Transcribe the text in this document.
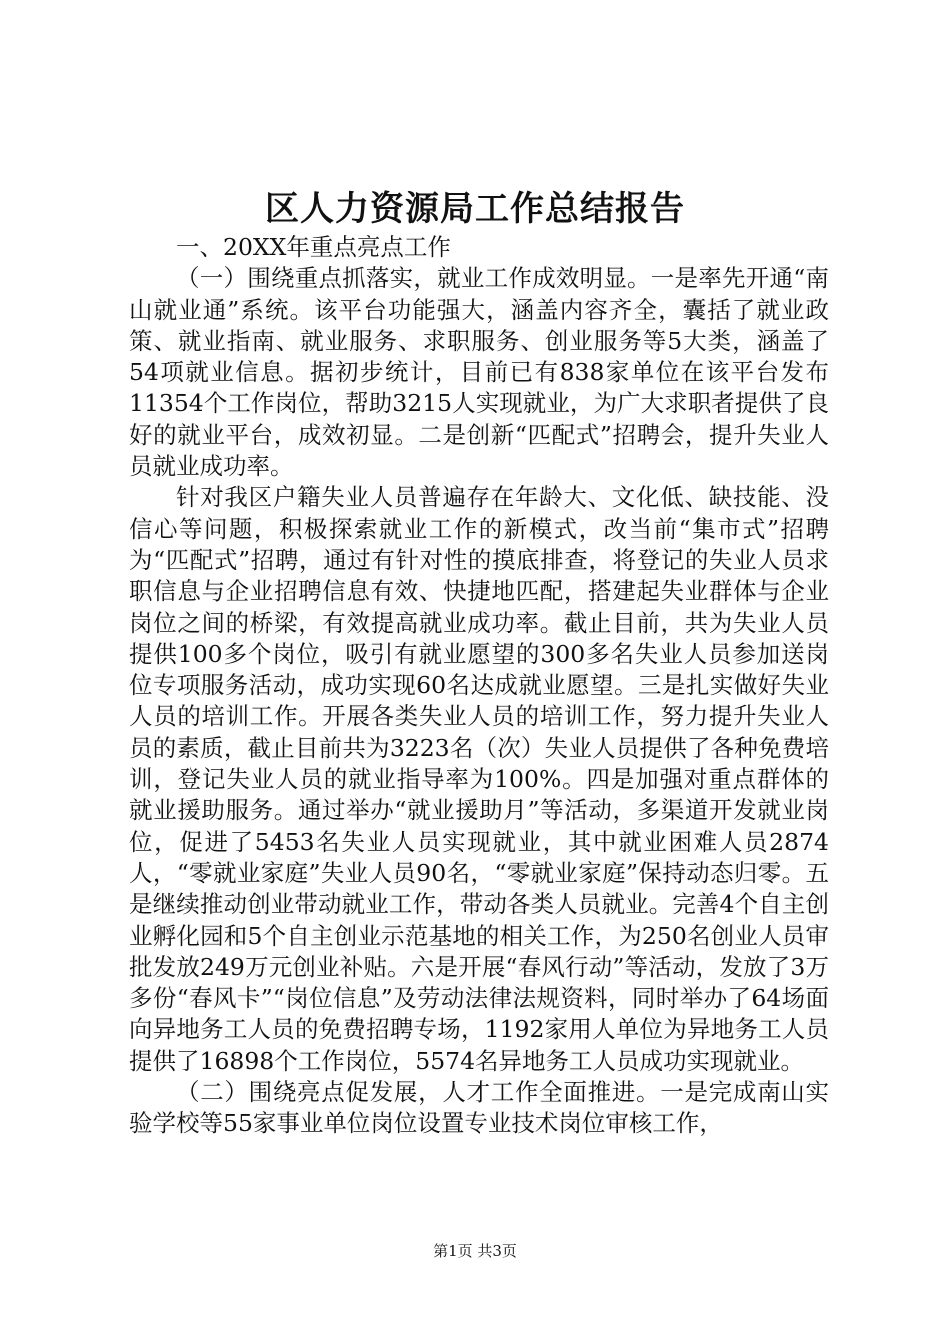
区人力资源局工作总结报告

一、20XX年重点亮点工作

（一）围绕重点抓落实，就业工作成效明显。一是率先开通“南山就业通”系统。该平台功能强大，涵盖内容齐全，囊括了就业政策、就业指南、就业服务、求职服务、创业服务等5大类，涵盖了54项就业信息。据初步统计，目前已有838家单位在该平台发布11354个工作岗位，帮助3215人实现就业，为广大求职者提供了良好的就业平台，成效初显。二是创新“匹配式”招聘会，提升失业人员就业成功率。

针对我区户籍失业人员普遍存在年龄大、文化低、缺技能、没信心等问题，积极探索就业工作的新模式，改当前“集市式”招聘为“匹配式”招聘，通过有针对性的摸底排查，将登记的失业人员求职信息与企业招聘信息有效、快捷地匹配，搭建起失业群体与企业岗位之间的桥梁，有效提高就业成功率。截止目前，共为失业人员提供100多个岗位，吸引有就业愿望的300多名失业人员参加送岗位专项服务活动，成功实现60名达成就业愿望。三是扎实做好失业人员的培训工作。开展各类失业人员的培训工作，努力提升失业人员的素质，截止目前共为3223名（次）失业人员提供了各种免费培训，登记失业人员的就业指导率为100%。四是加强对重点群体的就业援助服务。通过举办“就业援助月”等活动，多渠道开发就业岗位，促进了5453名失业人员实现就业，其中就业困难人员2874人，“零就业家庭”失业人员90名，“零就业家庭”保持动态归零。五是继续推动创业带动就业工作，带动各类人员就业。完善4个自主创业孵化园和5个自主创业示范基地的相关工作，为250名创业人员审批发放249万元创业补贴。六是开展“春风行动”等活动，发放了3万多份“春风卡”“岗位信息”及劳动法律法规资料，同时举办了64场面向异地务工人员的免费招聘专场，1192家用人单位为异地务工人员提供了16898个工作岗位，5574名异地务工人员成功实现就业。

（二）围绕亮点促发展，人才工作全面推进。一是完成南山实验学校等55家事业单位岗位设置专业技术岗位审核工作，

第1页 共3页
